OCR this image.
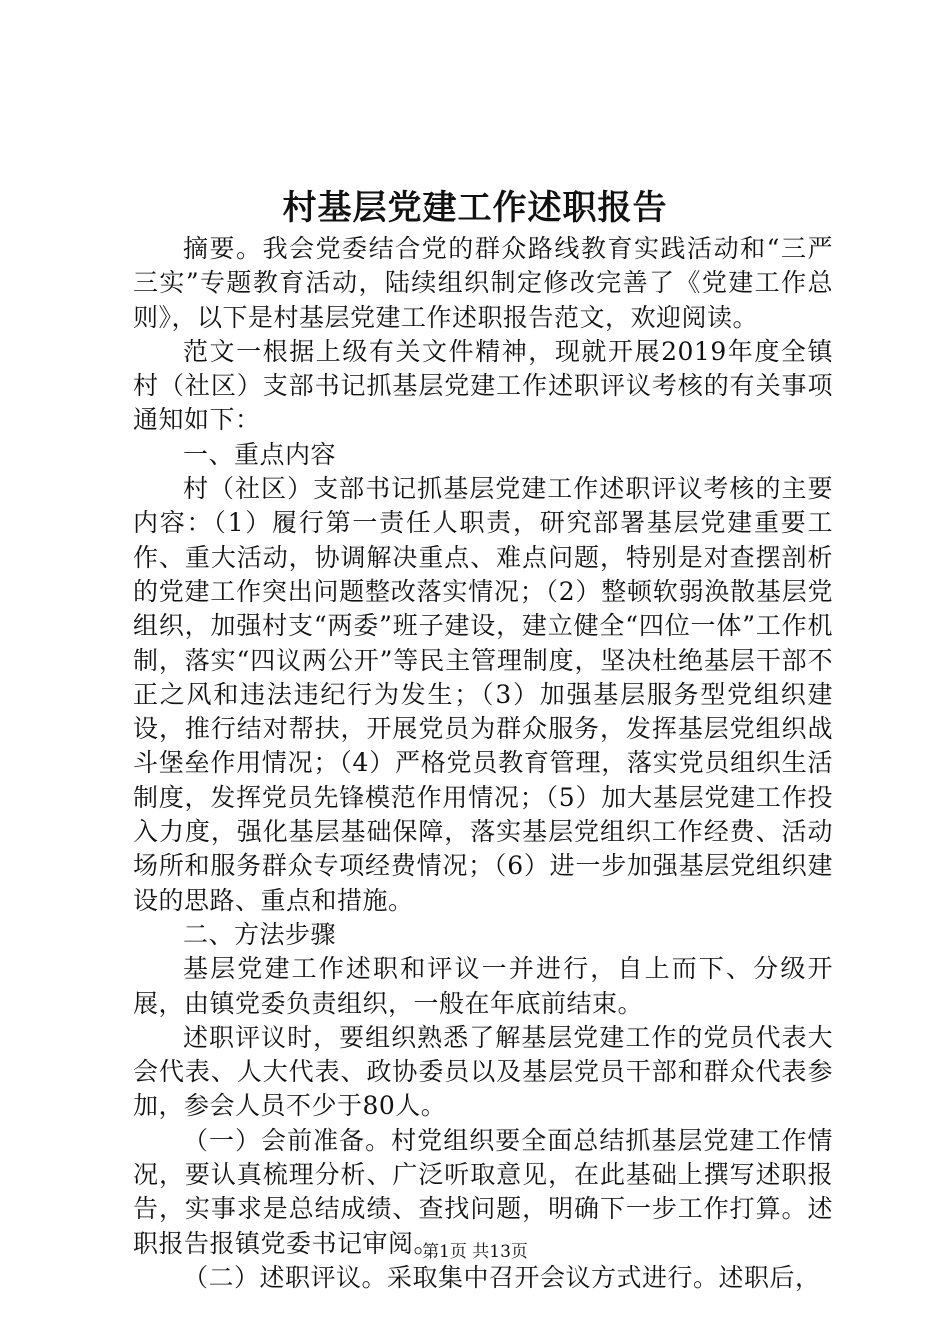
村基层党建工作述职报告

摘要。我会党委结合党的群众路线教育实践活动和“三严三实”专题教育活动，陆续组织制定修改完善了《党建工作总则》，以下是村基层党建工作述职报告范文，欢迎阅读。

范文一根据上级有关文件精神，现就开展2019年度全镇村（社区）支部书记抓基层党建工作述职评议考核的有关事项通知如下：

一、重点内容

村（社区）支部书记抓基层党建工作述职评议考核的主要内容：（1）履行第一责任人职责，研究部署基层党建重要工作、重大活动，协调解决重点、难点问题，特别是对查摆剖析的党建工作突出问题整改落实情况；（2）整顿软弱涣散基层党组织，加强村支“两委”班子建设，建立健全“四位一体”工作机制，落实“四议两公开”等民主管理制度，坚决杜绝基层干部不正之风和违法违纪行为发生；（3）加强基层服务型党组织建设，推行结对帮扶，开展党员为群众服务，发挥基层党组织战斗堡垒作用情况；（4）严格党员教育管理，落实党员组织生活制度，发挥党员先锋模范作用情况；（5）加大基层党建工作投入力度，强化基层基础保障，落实基层党组织工作经费、活动场所和服务群众专项经费情况；（6）进一步加强基层党组织建设的思路、重点和措施。

二、方法步骤

基层党建工作述职和评议一并进行，自上而下、分级开展，由镇党委负责组织，一般在年底前结束。

述职评议时，要组织熟悉了解基层党建工作的党员代表大会代表、人大代表、政协委员以及基层党员干部和群众代表参加，参会人员不少于80人。

（一）会前准备。村党组织要全面总结抓基层党建工作情况，要认真梳理分析、广泛听取意见，在此基础上撰写述职报告，实事求是总结成绩、查找问题，明确下一步工作打算。述职报告报镇党委书记审阅。

（二）述职评议。采取集中召开会议方式进行。述职后，

第1页 共13页
